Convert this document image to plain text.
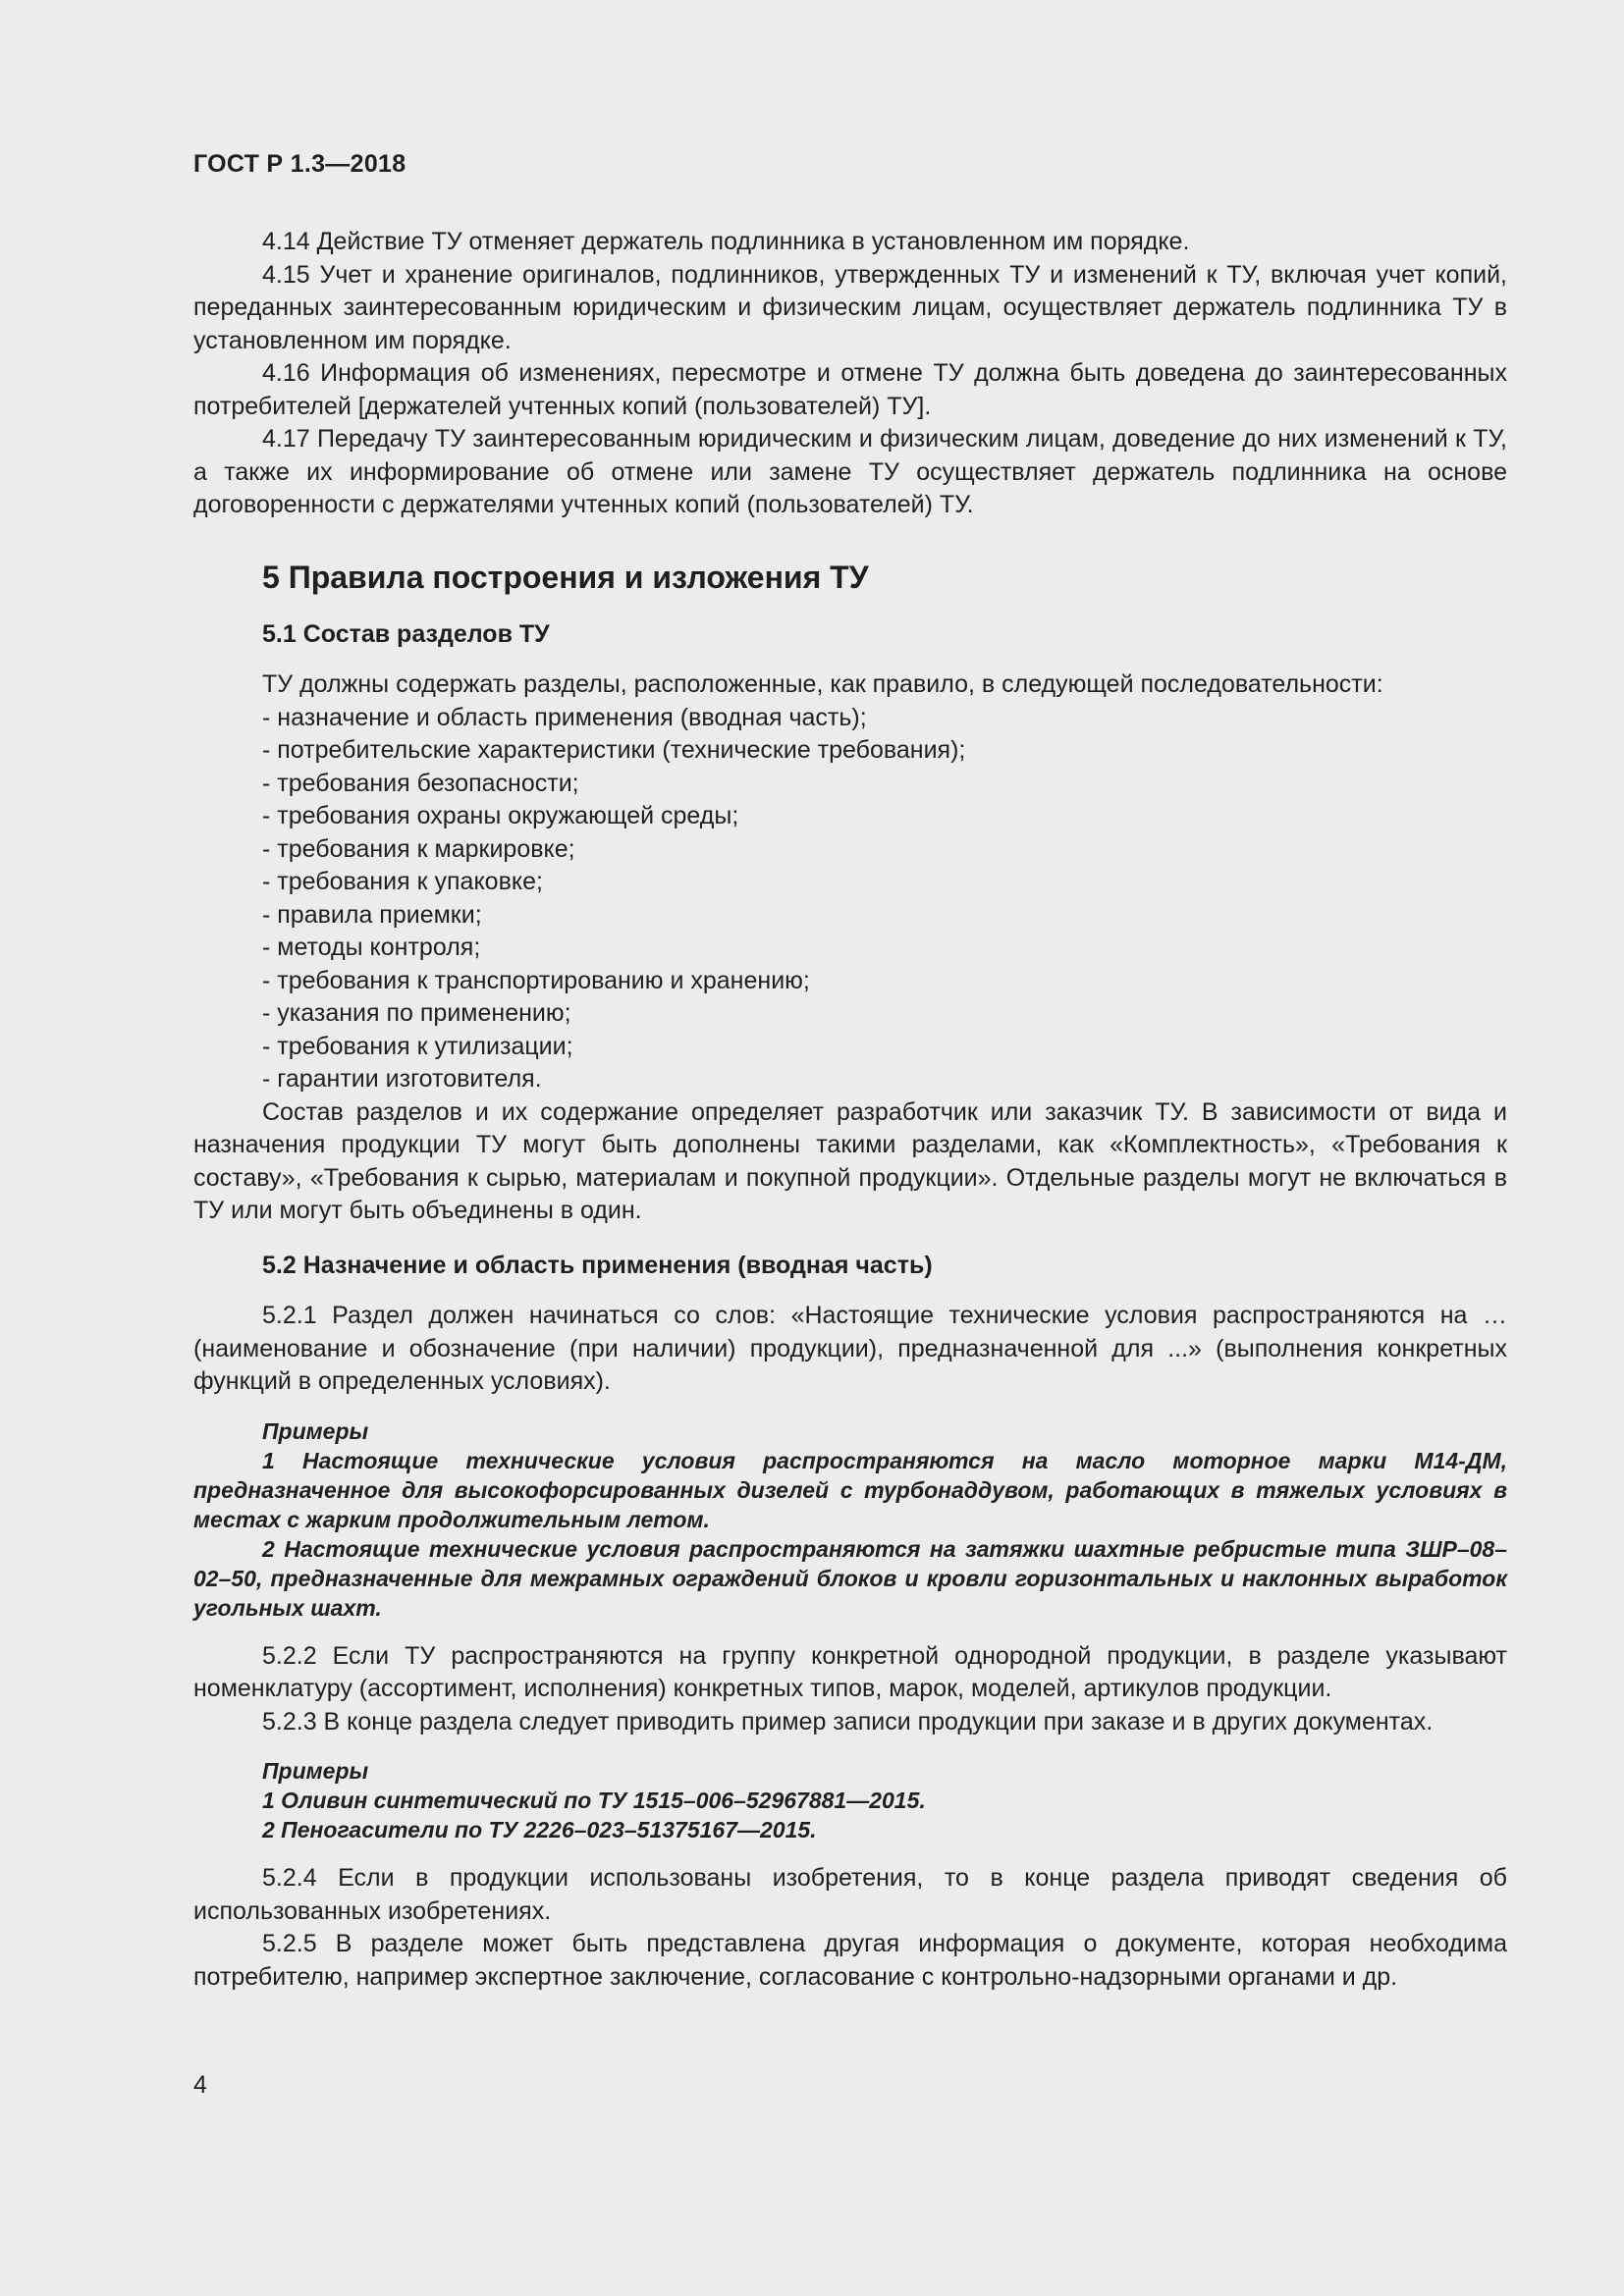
ГОСТ Р 1.3—2018

4.14 Действие ТУ отменяет держатель подлинника в установленном им порядке.

4.15 Учет и хранение оригиналов, подлинников, утвержденных ТУ и изменений к ТУ, включая учет копий, переданных заинтересованным юридическим и физическим лицам, осуществляет держатель подлинника ТУ в установленном им порядке.

4.16 Информация об изменениях, пересмотре и отмене ТУ должна быть доведена до заинтересованных потребителей [держателей учтенных копий (пользователей) ТУ].

4.17 Передачу ТУ заинтересованным юридическим и физическим лицам, доведение до них изменений к ТУ, а также их информирование об отмене или замене ТУ осуществляет держатель подлинника на основе договоренности с держателями учтенных копий (пользователей) ТУ.

5 Правила построения и изложения ТУ
5.1 Состав разделов ТУ

ТУ должны содержать разделы, расположенные, как правило, в следующей последовательности:

- назначение и область применения (вводная часть);
- потребительские характеристики (технические требования);
- требования безопасности;
- требования охраны окружающей среды;
- требования к маркировке;
- требования к упаковке;
- правила приемки;
- методы контроля;
- требования к транспортированию и хранению;
- указания по применению;
- требования к утилизации;
- гарантии изготовителя.

Состав разделов и их содержание определяет разработчик или заказчик ТУ. В зависимости от вида и назначения продукции ТУ могут быть дополнены такими разделами, как «Комплектность», «Требования к составу», «Требования к сырью, материалам и покупной продукции». Отдельные разделы могут не включаться в ТУ или могут быть объединены в один.

5.2 Назначение и область применения (вводная часть)

5.2.1 Раздел должен начинаться со слов: «Настоящие технические условия распространяются на …(наименование и обозначение (при наличии) продукции), предназначенной для ...» (выполнения конкретных функций в определенных условиях).

Примеры

1 Настоящие технические условия распространяются на масло моторное марки М14-ДМ, предназначенное для высокофорсированных дизелей с турбонаддувом, работающих в тяжелых условиях в местах с жарким продолжительным летом.

2 Настоящие технические условия распространяются на затяжки шахтные ребристые типа ЗШР–08–02–50, предназначенные для межрамных ограждений блоков и кровли горизонтальных и наклонных выработок угольных шахт.

5.2.2 Если ТУ распространяются на группу конкретной однородной продукции, в разделе указывают номенклатуру (ассортимент, исполнения) конкретных типов, марок, моделей, артикулов продукции.

5.2.3 В конце раздела следует приводить пример записи продукции при заказе и в других документах.

Примеры
1 Оливин синтетический по ТУ 1515–006–52967881—2015.
2 Пеногасители по ТУ 2226–023–51375167—2015.

5.2.4 Если в продукции использованы изобретения, то в конце раздела приводят сведения об использованных изобретениях.

5.2.5 В разделе может быть представлена другая информация о документе, которая необходима потребителю, например экспертное заключение, согласование с контрольно-надзорными органами и др.

4
